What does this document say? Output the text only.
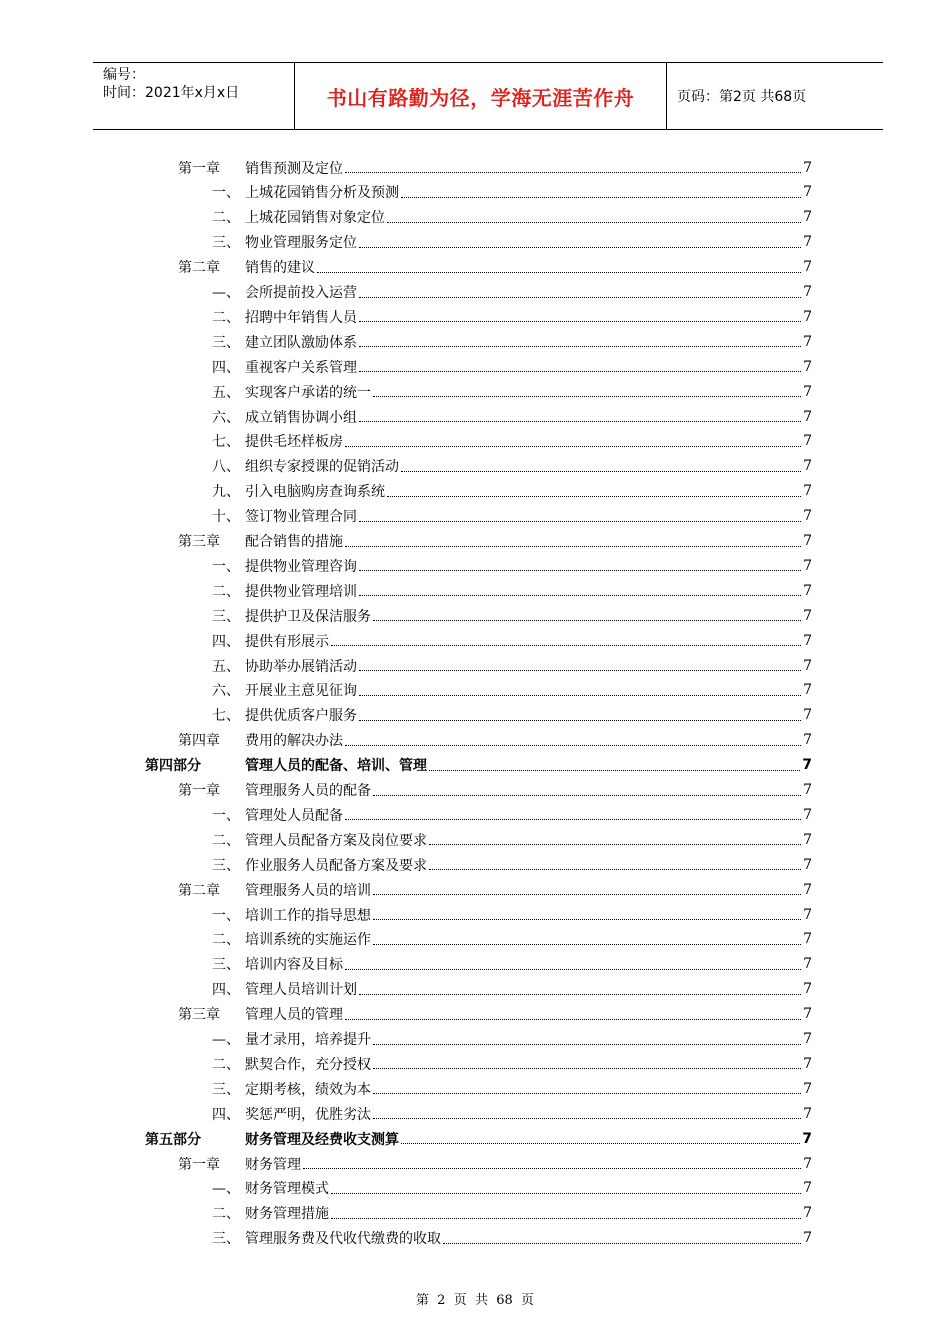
编号：
时间：2021年x月x日	书山有路勤为径，学海无涯苦作舟	页码：第2页 共68页
第一章	销售预测及定位	7
一、 上城花园销售分析及预测	7
二、 上城花园销售对象定位	7
三、 物业管理服务定位	7
第二章	销售的建议	7
—、 会所提前投入运营	7
二、 招聘中年销售人员	7
三、 建立团队激励体系	7
四、 重视客户关系管理	7
五、 实现客户承诺的统一	7
六、 成立销售协调小组	7
七、 提供毛坯样板房	7
八、 组织专家授课的促销活动	7
九、 引入电脑购房查询系统	7
十、 签订物业管理合同	7
第三章	配合销售的措施	7
一、 提供物业管理咨询	7
二、 提供物业管理培训	7
三、 提供护卫及保洁服务	7
四、 提供有形展示	7
五、 协助举办展销活动	7
六、 开展业主意见征询	7
七、 提供优质客户服务	7
第四章	费用的解决办法	7
第四部分	管理人员的配备、培训、管理	7
第一章	管理服务人员的配备	7
一、 管理处人员配备	7
二、 管理人员配备方案及岗位要求	7
三、 作业服务人员配备方案及要求	7
第二章	管理服务人员的培训	7
一、 培训工作的指导思想	7
二、 培训系统的实施运作	7
三、 培训内容及目标	7
四、 管理人员培训计划	7
第三章	管理人员的管理	7
—、 量才录用，培养提升	7
二、 默契合作，充分授权	7
三、 定期考核，绩效为本	7
四、 奖惩严明，优胜劣汰	7
第五部分	财务管理及经费收支测算	7
第一章	财务管理	7
—、 财务管理模式	7
二、 财务管理措施	7
三、 管理服务费及代收代缴费的收取	7
第  2  页  共  68  页
